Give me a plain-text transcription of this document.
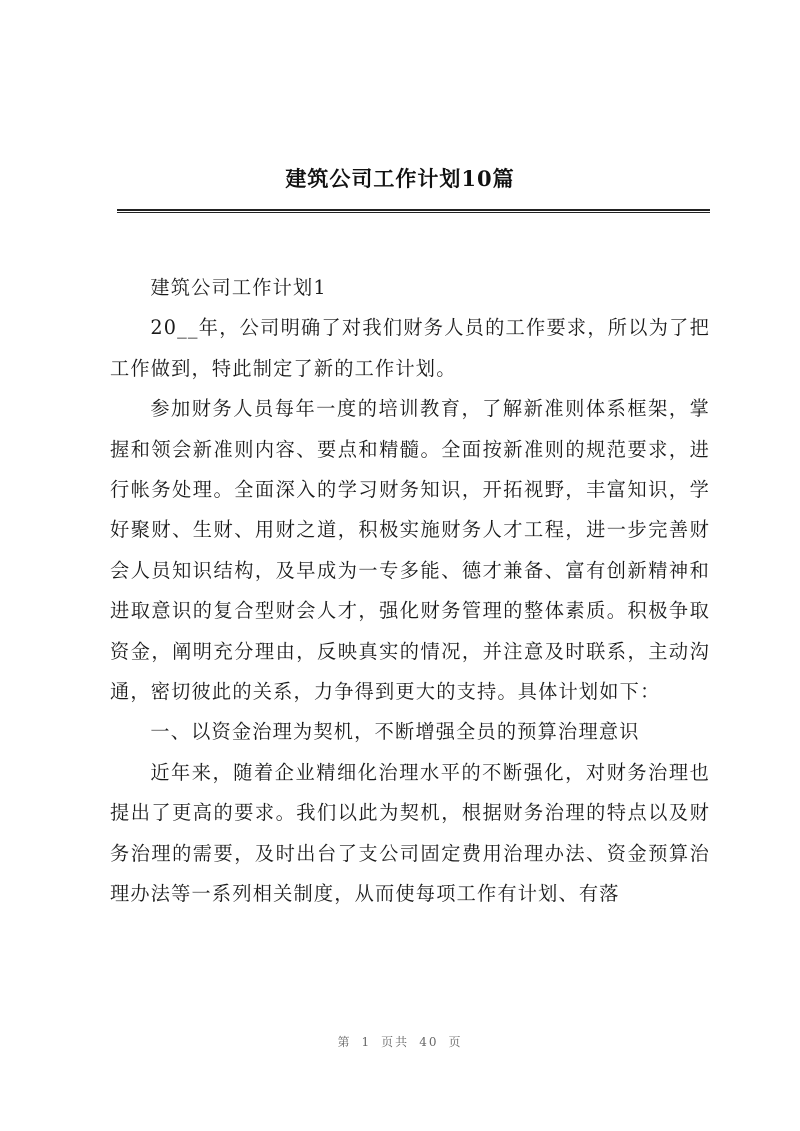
建筑公司工作计划10篇

建筑公司工作计划1

20__年，公司明确了对我们财务人员的工作要求，所以为了把工作做到，特此制定了新的工作计划。

参加财务人员每年一度的培训教育，了解新准则体系框架，掌握和领会新准则内容、要点和精髓。全面按新准则的规范要求，进行帐务处理。全面深入的学习财务知识，开拓视野，丰富知识，学好聚财、生财、用财之道，积极实施财务人才工程，进一步完善财会人员知识结构，及早成为一专多能、德才兼备、富有创新精神和进取意识的复合型财会人才，强化财务管理的整体素质。积极争取资金，阐明充分理由，反映真实的情况，并注意及时联系，主动沟通，密切彼此的关系，力争得到更大的支持。具体计划如下：

一、以资金治理为契机，不断增强全员的预算治理意识

近年来，随着企业精细化治理水平的不断强化，对财务治理也提出了更高的要求。我们以此为契机，根据财务治理的特点以及财务治理的需要，及时出台了支公司固定费用治理办法、资金预算治理办法等一系列相关制度，从而使每项工作有计划、有落

第 1 页共 40 页
